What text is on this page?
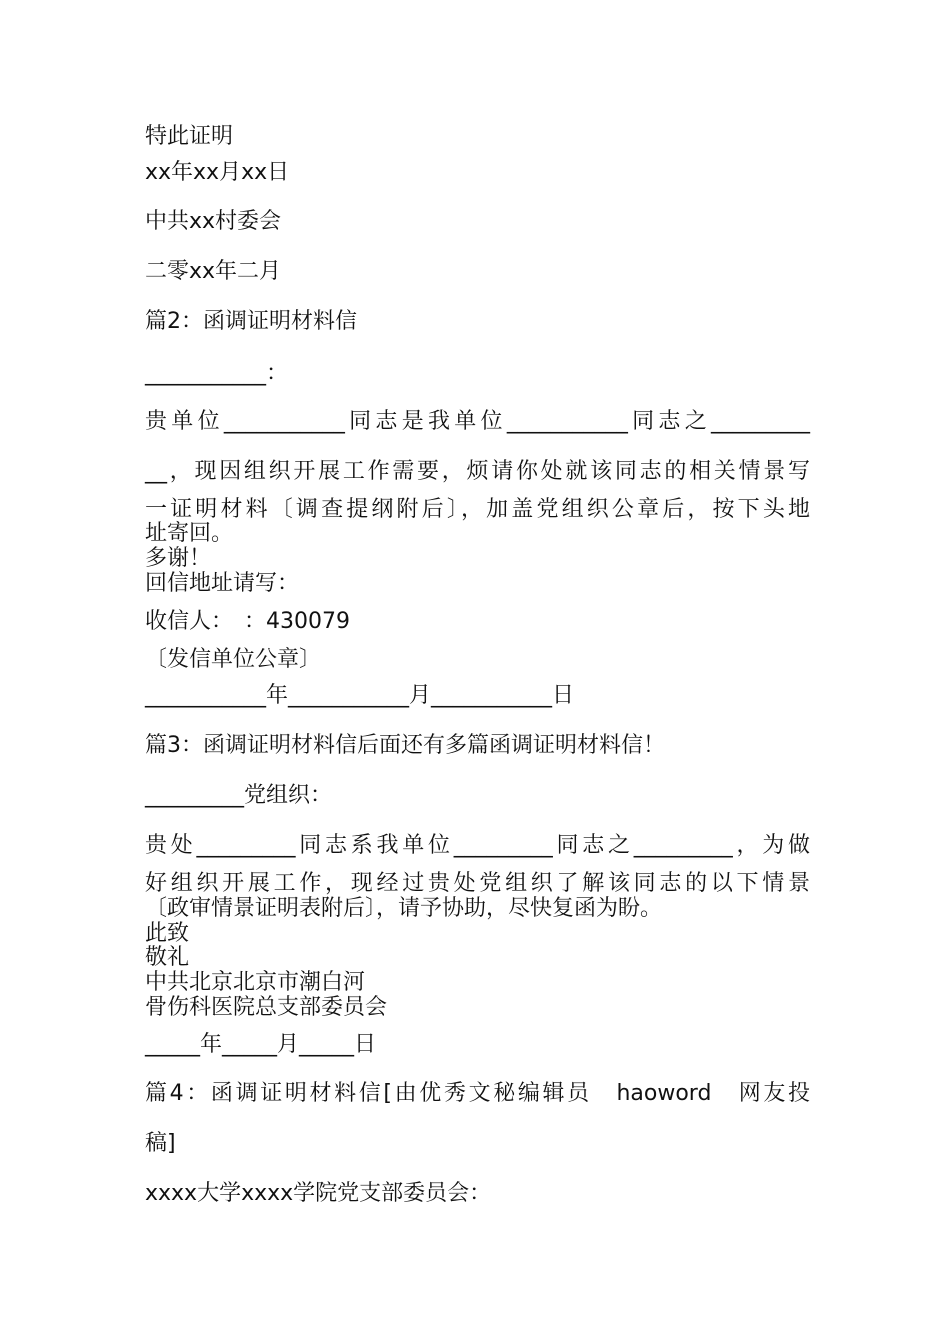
特此证明
xx年xx月xx日
中共xx村委会
二零xx年二月
篇2：函调证明材料信
___________：
贵单位___________同志是我单位___________同志之_________
__，现因组织开展工作需要，烦请你处就该同志的相关情景写
一证明材料〔调查提纲附后〕，加盖党组织公章后，按下头地
址寄回。
多谢！
回信地址请写：
收信人：　：430079
〔发信单位公章〕
___________年___________月___________日
篇3：函调证明材料信后面还有多篇函调证明材料信！
_________党组织：
贵处_________同志系我单位_________同志之_________，为做
好组织开展工作，现经过贵处党组织了解该同志的以下情景
〔政审情景证明表附后〕，请予协助，尽快复函为盼。
此致
敬礼
中共北京北京市潮白河
骨伤科医院总支部委员会
_____年_____月_____日
篇4：函调证明材料信[由优秀文秘编辑员　haoword　网友投
稿]
xxxx大学xxxx学院党支部委员会：
